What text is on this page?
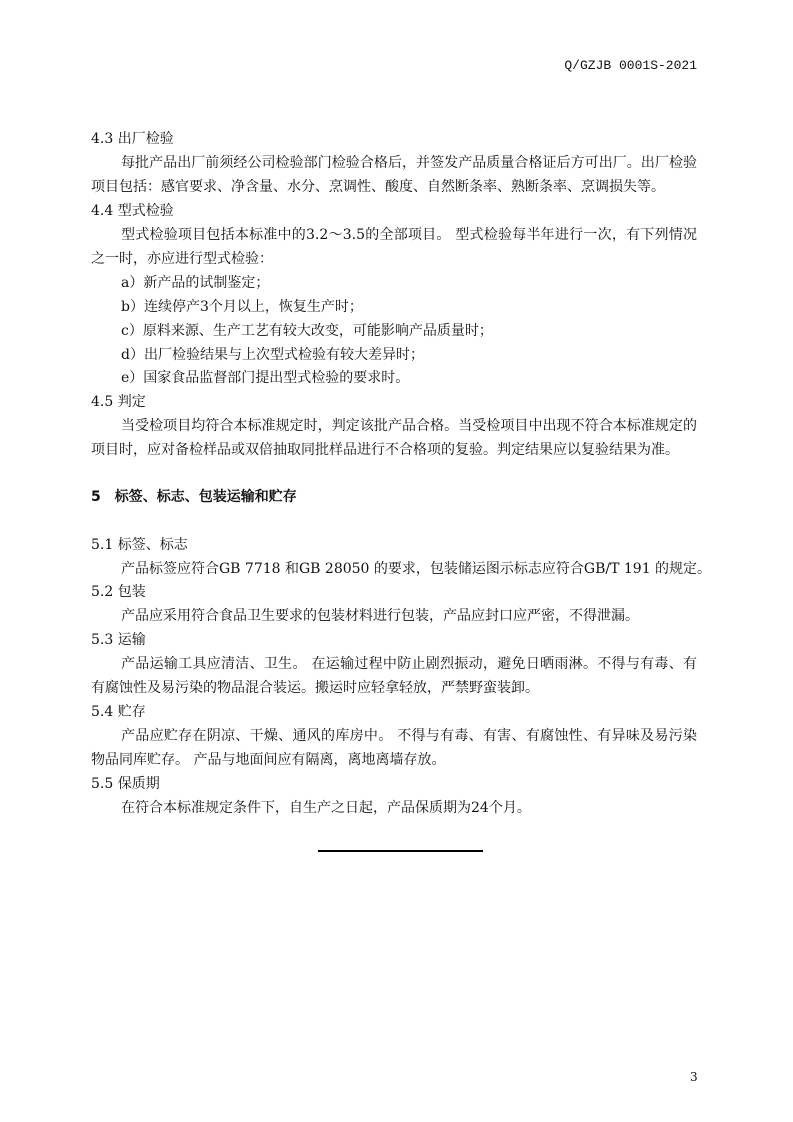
Q/GZJB 0001S-2021
4.3 出厂检验
每批产品出厂前须经公司检验部门检验合格后，并签发产品质量合格证后方可出厂。出厂检验
项目包括：感官要求、净含量、水分、烹调性、酸度、自然断条率、熟断条率、烹调损失等。
4.4 型式检验
型式检验项目包括本标准中的3.2～3.5的全部项目。 型式检验每半年进行一次，有下列情况
之一时，亦应进行型式检验：
a）新产品的试制鉴定；
b）连续停产3个月以上，恢复生产时；
c）原料来源、生产工艺有较大改变，可能影响产品质量时；
d）出厂检验结果与上次型式检验有较大差异时；
e）国家食品监督部门提出型式检验的要求时。
4.5 判定
当受检项目均符合本标准规定时，判定该批产品合格。当受检项目中出现不符合本标准规定的
项目时，应对备检样品或双倍抽取同批样品进行不合格项的复验。判定结果应以复验结果为准。
5　标签、标志、包装运输和贮存
5.1 标签、标志
产品标签应符合GB 7718 和GB 28050 的要求，包装储运图示标志应符合GB/T 191 的规定。
5.2 包装
产品应采用符合食品卫生要求的包装材料进行包装，产品应封口应严密，不得泄漏。
5.3 运输
产品运输工具应清洁、卫生。 在运输过程中防止剧烈振动，避免日晒雨淋。不得与有毒、有
有腐蚀性及易污染的物品混合装运。搬运时应轻拿轻放，严禁野蛮装卸。
5.4 贮存
产品应贮存在阴凉、干燥、通风的库房中。 不得与有毒、有害、有腐蚀性、有异味及易污染
物品同库贮存。 产品与地面间应有隔离，离地离墙存放。
5.5 保质期
在符合本标准规定条件下，自生产之日起，产品保质期为24个月。
3
